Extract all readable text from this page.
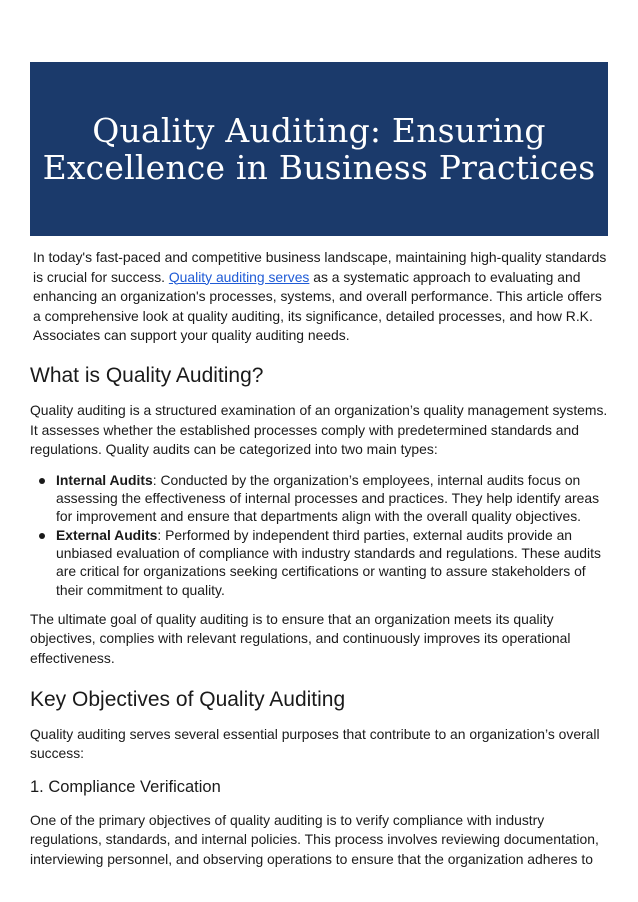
Quality Auditing: Ensuring Excellence in Business Practices

In today's fast-paced and competitive business landscape, maintaining high-quality standards is crucial for success. Quality auditing serves as a systematic approach to evaluating and enhancing an organization's processes, systems, and overall performance. This article offers a comprehensive look at quality auditing, its significance, detailed processes, and how R.K. Associates can support your quality auditing needs.

What is Quality Auditing?

Quality auditing is a structured examination of an organization’s quality management systems. It assesses whether the established processes comply with predetermined standards and regulations. Quality audits can be categorized into two main types:

Internal Audits: Conducted by the organization’s employees, internal audits focus on assessing the effectiveness of internal processes and practices. They help identify areas for improvement and ensure that departments align with the overall quality objectives.
External Audits: Performed by independent third parties, external audits provide an unbiased evaluation of compliance with industry standards and regulations. These audits are critical for organizations seeking certifications or wanting to assure stakeholders of their commitment to quality.

The ultimate goal of quality auditing is to ensure that an organization meets its quality objectives, complies with relevant regulations, and continuously improves its operational effectiveness.

Key Objectives of Quality Auditing

Quality auditing serves several essential purposes that contribute to an organization’s overall success:

1. Compliance Verification

One of the primary objectives of quality auditing is to verify compliance with industry regulations, standards, and internal policies. This process involves reviewing documentation, interviewing personnel, and observing operations to ensure that the organization adheres to
